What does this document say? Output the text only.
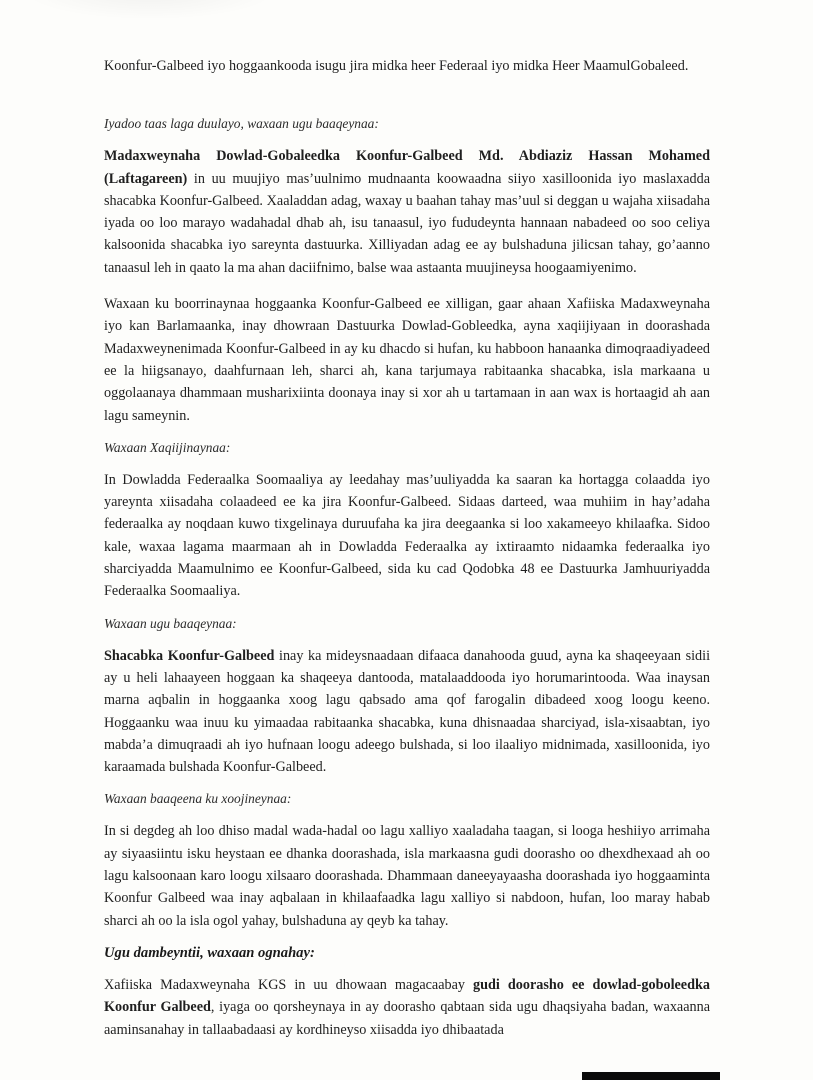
Koonfur-Galbeed iyo hoggaankooda isugu jira midka heer Federaal iyo midka Heer MaamulGobaleed.

Iyadoo taas laga duulayo, waxaan ugu baaqeynaa:

Madaxweynaha Dowlad-Gobaleedka Koonfur-Galbeed Md. Abdiaziz Hassan Mohamed (Laftagareen) in uu muujiyo mas’uulnimo mudnaanta koowaadna siiyo xasilloonida iyo maslaxadda shacabka Koonfur-Galbeed. Xaaladdan adag, waxay u baahan tahay mas’uul si deggan u wajaha xiisadaha iyada oo loo marayo wadahadal dhab ah, isu tanaasul, iyo fududeynta hannaan nabadeed oo soo celiya kalsoonida shacabka iyo sareynta dastuurka. Xilliyadan adag ee ay bulshaduna jilicsan tahay, go’aanno tanaasul leh in qaato la ma ahan daciifnimo, balse waa astaanta muujineysa hoogaamiyenimo.

Waxaan ku boorrinaynaa hoggaanka Koonfur-Galbeed ee xilligan, gaar ahaan Xafiiska Madaxweynaha iyo kan Barlamaanka, inay dhowraan Dastuurka Dowlad-Gobleedka, ayna xaqiijiyaan in doorashada Madaxweynenimada Koonfur-Galbeed in ay ku dhacdo si hufan, ku habboon hanaanka dimoqraadiyadeed ee la hiigsanayo, daahfurnaan leh, sharci ah, kana tarjumaya rabitaanka shacabka, isla markaana u oggolaanaya dhammaan musharixiinta doonaya inay si xor ah u tartamaan in aan wax is hortaagid ah aan lagu sameynin.

Waxaan Xaqiijinaynaa:

In Dowladda Federaalka Soomaaliya ay leedahay mas’uuliyadda ka saaran ka hortagga colaadda iyo yareynta xiisadaha colaadeed ee ka jira Koonfur-Galbeed. Sidaas darteed, waa muhiim in hay’adaha federaalka ay noqdaan kuwo tixgelinaya duruufaha ka jira deegaanka si loo xakameeyo khilaafka. Sidoo kale, waxaa lagama maarmaan ah in Dowladda Federaalka ay ixtiraamto nidaamka federaalka iyo sharciyadda Maamulnimo ee Koonfur-Galbeed, sida ku cad Qodobka 48 ee Dastuurka Jamhuuriyadda Federaalka Soomaaliya.

Waxaan ugu baaqeynaa:

Shacabka Koonfur-Galbeed inay ka mideysnaadaan difaaca danahooda guud, ayna ka shaqeeyaan sidii ay u heli lahaayeen hoggaan ka shaqeeya dantooda, matalaaddooda iyo horumarintooda. Waa inaysan marna aqbalin in hoggaanka xoog lagu qabsado ama qof farogalin dibadeed xoog loogu keeno. Hoggaanku waa inuu ku yimaadaa rabitaanka shacabka, kuna dhisnaadaa sharciyad, isla-xisaabtan, iyo mabda’a dimuqraadi ah iyo hufnaan loogu adeego bulshada, si loo ilaaliyo midnimada, xasilloonida, iyo karaamada bulshada Koonfur-Galbeed.

Waxaan baaqeena ku xoojineynaa:

In si degdeg ah loo dhiso madal wada-hadal oo lagu xalliyo xaaladaha taagan, si looga heshiiyo arrimaha ay siyaasiintu isku heystaan ee dhanka doorashada, isla markaasna gudi doorasho oo dhexdhexaad ah oo lagu kalsoonaan karo loogu xilsaaro doorashada. Dhammaan daneeyayaasha doorashada iyo hoggaaminta Koonfur Galbeed waa inay aqbalaan in khilaafaadka lagu xalliyo si nabdoon, hufan, loo maray habab sharci ah oo la isla ogol yahay, bulshaduna ay qeyb ka tahay.

Ugu dambeyntii, waxaan ognahay:

Xafiiska Madaxweynaha KGS in uu dhowaan magacaabay gudi doorasho ee dowlad-goboleedka Koonfur Galbeed, iyaga oo qorsheynaya in ay doorasho qabtaan sida ugu dhaqsiyaha badan, waxaanna aaminsanahay in tallaabadaasi ay kordhineyso xiisadda iyo dhibaatada
